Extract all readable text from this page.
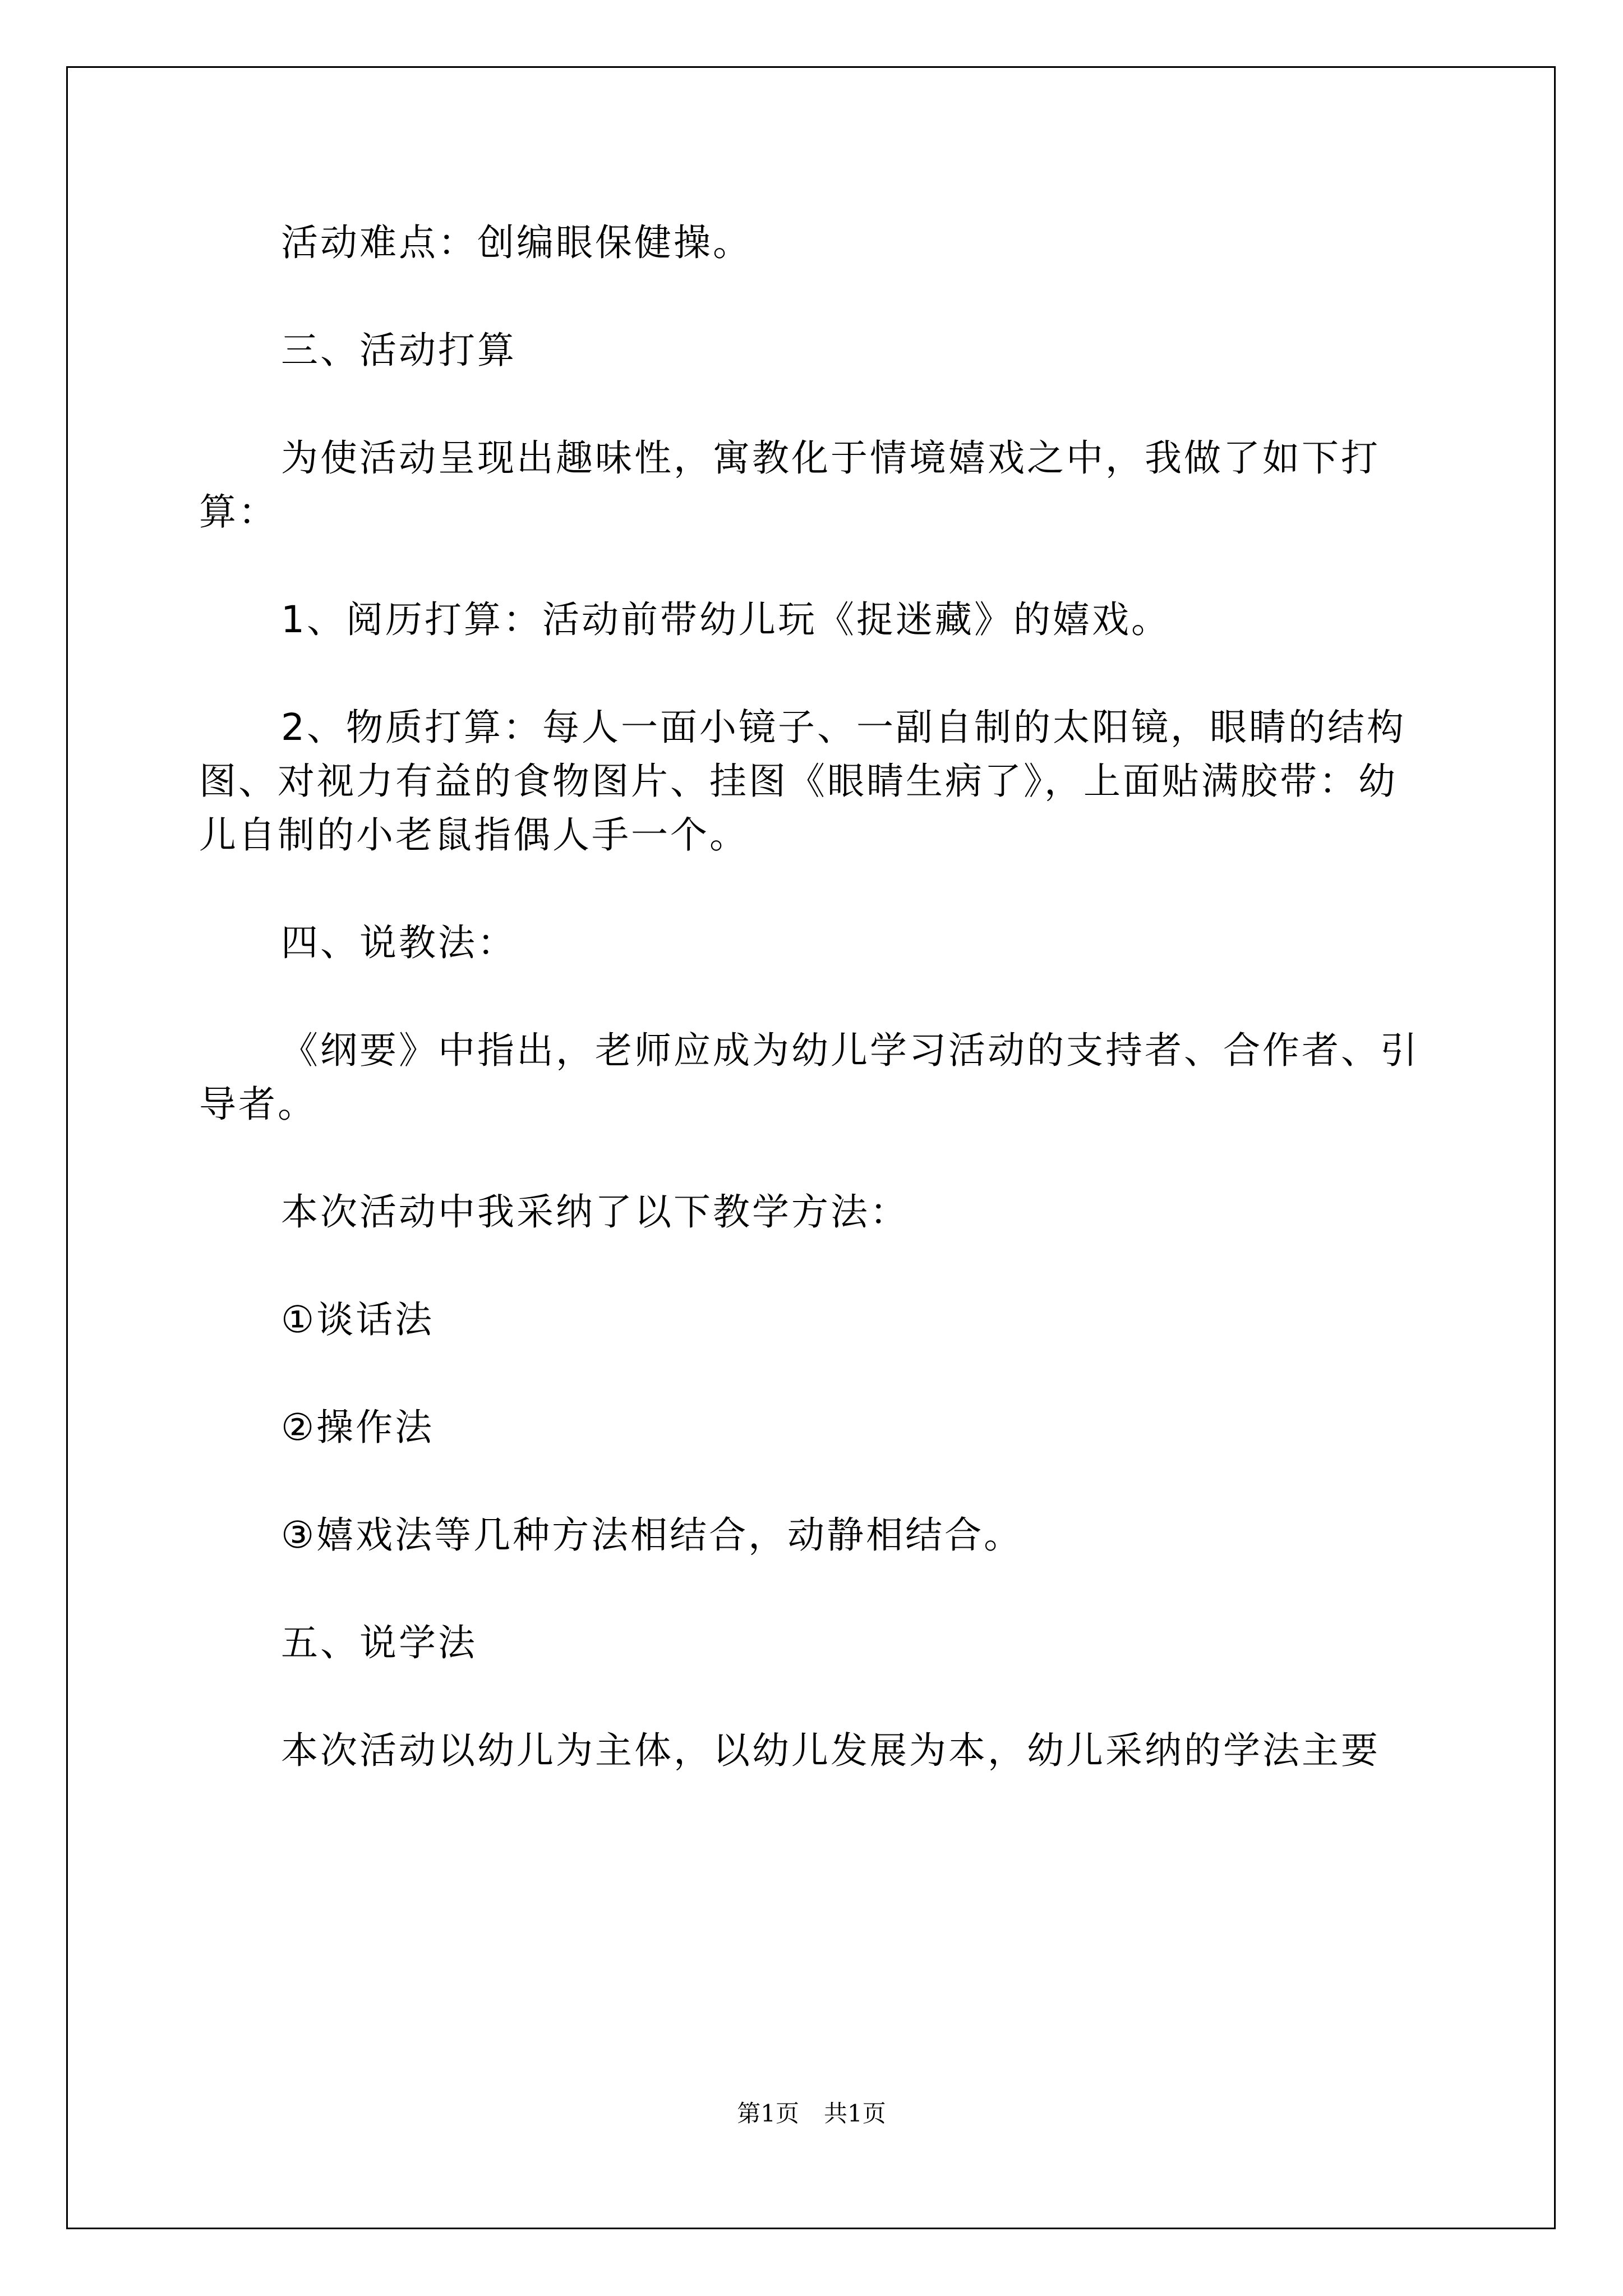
活动难点：创编眼保健操。

三、活动打算

为使活动呈现出趣味性，寓教化于情境嬉戏之中，我做了如下打算：

1、阅历打算：活动前带幼儿玩《捉迷藏》的嬉戏。

2、物质打算：每人一面小镜子、一副自制的太阳镜，眼睛的结构图、对视力有益的食物图片、挂图《眼睛生病了》，上面贴满胶带：幼儿自制的小老鼠指偶人手一个。

四、说教法：

《纲要》中指出，老师应成为幼儿学习活动的支持者、合作者、引导者。

本次活动中我采纳了以下教学方法：

①谈话法

②操作法

③嬉戏法等几种方法相结合，动静相结合。

五、说学法

本次活动以幼儿为主体，以幼儿发展为本，幼儿采纳的学法主要

第1页 共1页
